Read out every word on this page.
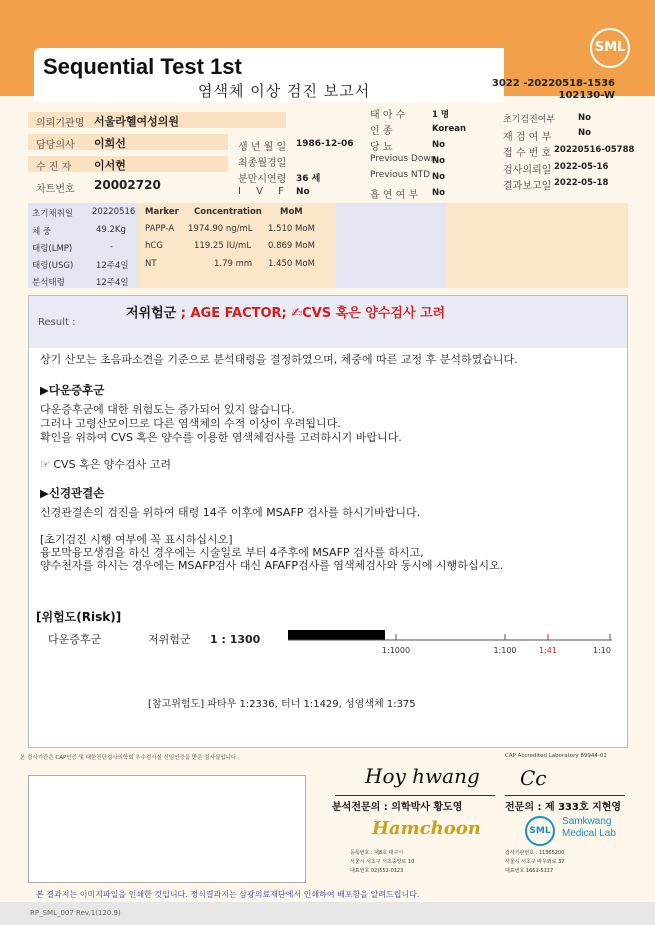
SML
Sequential Test 1st
염색체 이상 검진 보고서	3022 -20220518-1536
102130-W
의뢰기관명 서울라헬여성의원
담당의사 이희선
수 진 자 이서현
차트번호 20002720
생 년 월 일 1986-12-06
최종월경일
분만시연령 36 세
I V F No
태 아 수	1 명
인 종	Korean
당 뇨	No
Previous Down
No
Previous NTD No
흡 연 여 부 No
초기검진여부	No
재 검 여 부	No
접 수 번 호 20220516-05788
검사의뢰일 2022-05-16
결과보고일 2022-05-18
초기채취일 20220516
체 중	49.2Kg
태령(LMP)	-
태령(USG)	12주4일
분석태령	12주4일
Marker Concentration MoM
PAPP-A 1974.90 ng/mL 1.510 MoM
hCG	119.25 IU/mL 0.869 MoM
NT	1.79 mm 1.450 MoM
Result :
저위험군 ; AGE FACTOR; ✍CVS 혹은 양수검사 고려
상기 산모는 초음파소견을 기준으로 분석태령을 결정하였으며, 체중에 따른 교정 후 분석하였습니다.
▶다운증후군
다운증후군에 대한 위험도는 증가되어 있지 않습니다.
그러나 고령산모이므로 다른 염색체의 수적 이상이 우려됩니다.
확인을 위하여 CVS 혹은 양수를 이용한 염색체검사를 고려하시기 바랍니다.
☞ CVS 혹은 양수검사 고려
▶신경관결손
신경관결손의 검진을 위하여 태령 14주 이후에 MSAFP 검사를 하시기바랍니다.
[초기검진 시행 여부에 꼭 표시하십시오]
융모막융모생검을 하신 경우에는 시술일로 부터 4주후에 MSAFP 검사를 하시고,
양수천자를 하시는 경우에는 MSAFP검사 대신 AFAFP검사를 염색체검사와 동시에 시행하십시오.
[위험도(Risk)]
다운증후군	저위험군 1 : 1300
1:1000	1:100	1:41	1:10
[참고위험도] 파타우 1:2336, 터너 1:1429, 성염색체 1:375
본 검사기관은 CAP인증 및 대한진단검사의학회 우수검사실 신임인증을 받은 검사실입니다.	CAP Accredited Laboratory 89944-01
Hoy hwang
분석전문의 : 의학박사 황도영
Cc
전문의 : 제 333호 지현영
Hamchoon
등록번호 : 제8호 대구시
서울시 서초구 서초중앙로 10
대표번호 02)552-0123
SML
Samkwang
Medical Lab
검사기관번호 : 11365200
서울시 서초구 바우뫼로 37
대표번호 1661-5117
본 결과지는 이미지파일을 인쇄한 것입니다. 정식결과지는 삼광의료재단에서 인쇄하여 배포함을 알려드립니다.
RP_SML_007 Rev.1(120.9)
